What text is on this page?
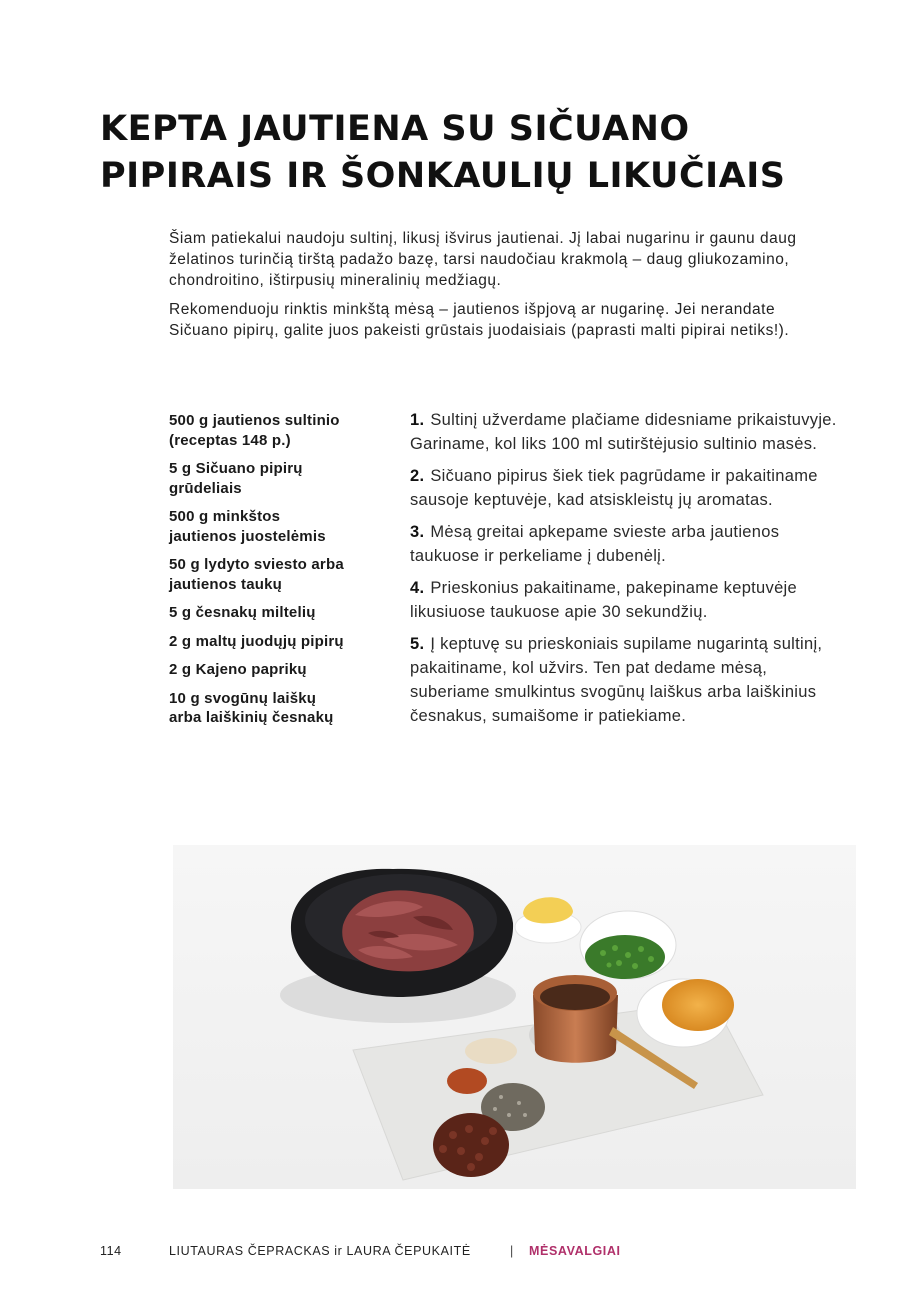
KEPTA JAUTIENA SU SIČUANO
PIPIRAIS IR ŠONKAULIŲ LIKUČIAIS

Šiam patiekalui naudoju sultinį, likusį išvirus jautienai. Jį labai nugarinu ir gaunu daug želatinos turinčią tirštą padažo bazę, tarsi naudočiau krakmolą – daug gliukozamino, chondroitino, ištirpusių mineralinių medžiagų.

Rekomenduoju rinktis minkštą mėsą – jautienos išpjovą ar nugarinę. Jei nerandate Sičuano pipirų, galite juos pakeisti grūstais juodaisiais (paprasti malti pipirai netiks!).

500 g jautienos sultinio
(receptas 148 p.)
5 g Sičuano pipirų
grūdeliais
500 g minkštos
jautienos juostelėmis
50 g lydyto sviesto arba
jautienos taukų
5 g česnakų miltelių
2 g maltų juodųjų pipirų
2 g Kajeno paprikų
10 g svogūnų laiškų
arba laiškinių česnakų
1. Sultinį užverdame plačiame didesniame prikaistuvyje. Gariname, kol liks 100 ml sutirštėjusio sultinio masės.
2. Sičuano pipirus šiek tiek pagrūdame ir pakaitiname sausoje keptuvėje, kad atsiskleistų jų aromatas.
3. Mėsą greitai apkepame svieste arba jautienos taukuose ir perkeliame į dubenėlį.
4. Prieskonius pakaitiname, pakepiname keptuvėje likusiuose taukuose apie 30 sekundžių.
5. Į keptuvę su prieskoniais supilame nugarintą sultinį, pakaitiname, kol užvirs. Ten pat dedame mėsą, suberiame smulkintus svogūnų laiškus arba laiškinius česnakus, sumaišome ir patiekiame.
114	LIUTAURAS ČEPRACKAS ir LAURA ČEPUKAITĖ	| MĖSAVALGIAI
